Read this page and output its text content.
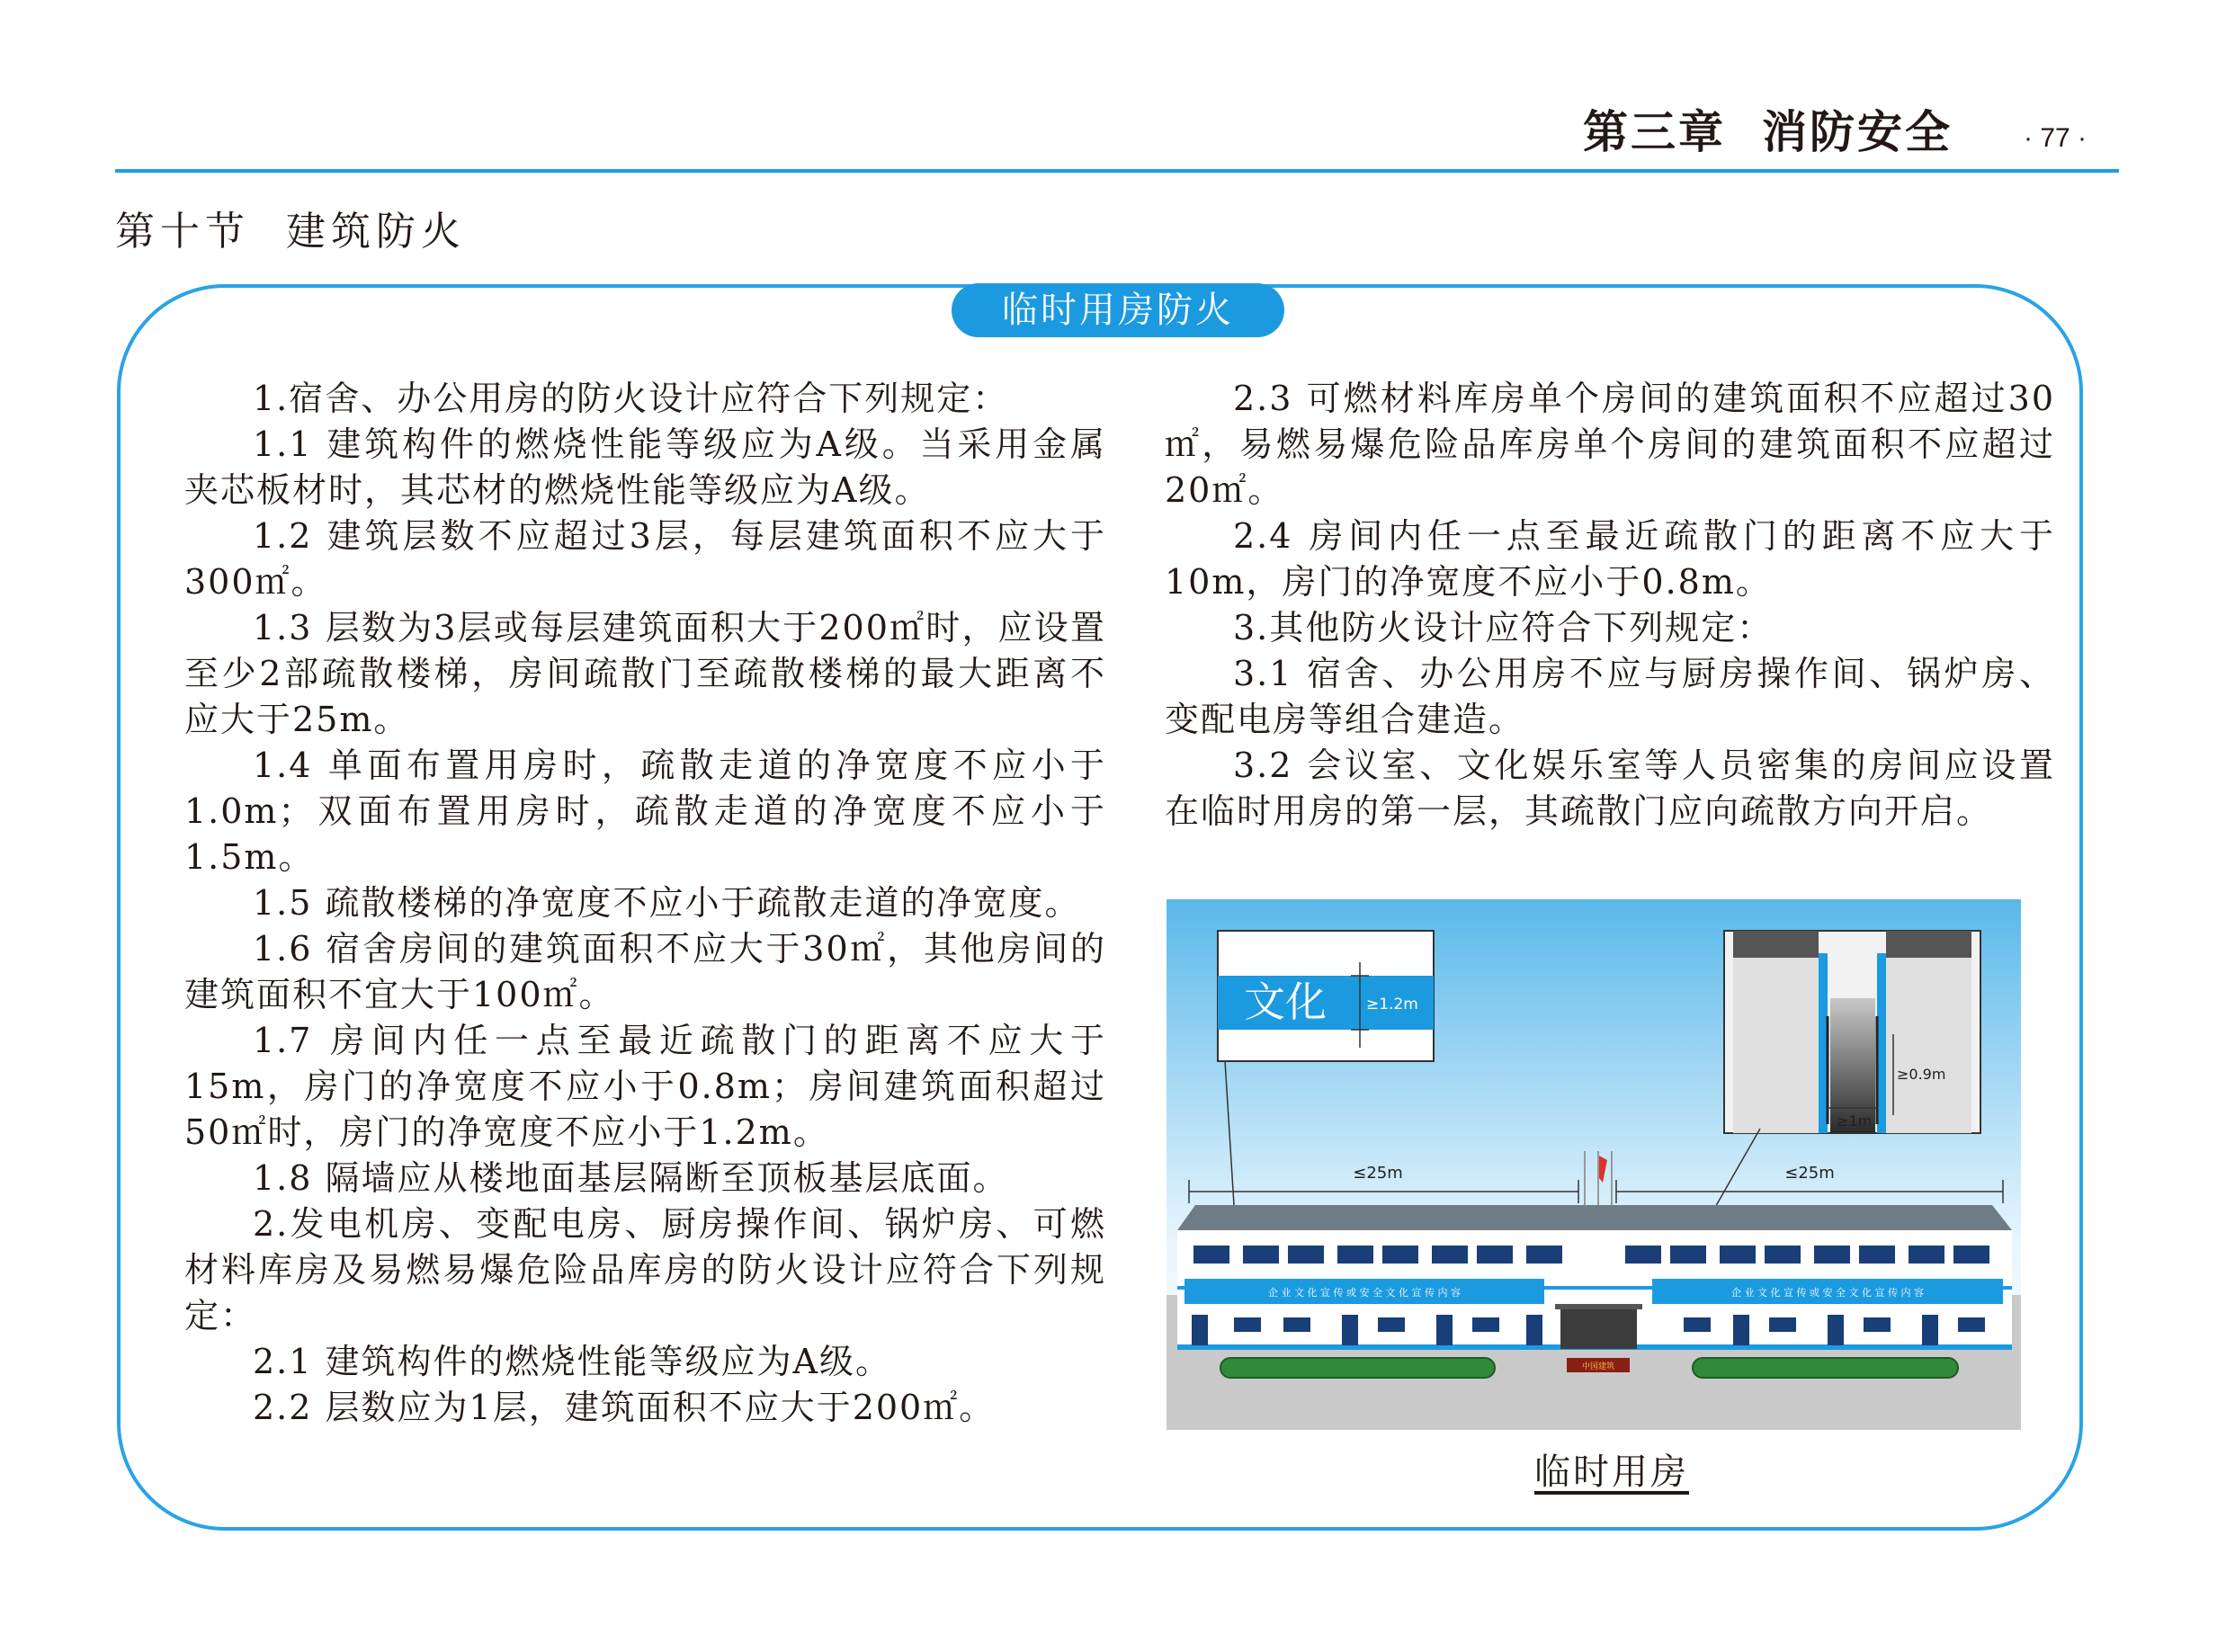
第三章 消防安全	· 77 ·
第十节 建筑防火
临时用房防火

1.宿舍、办公用房的防火设计应符合下列规定：

1.1 建筑构件的燃烧性能等级应为A级。当采用金属夹芯板材时，其芯材的燃烧性能等级应为A级。

1.2 建筑层数不应超过3层，每层建筑面积不应大于300㎡。

1.3 层数为3层或每层建筑面积大于200㎡时，应设置至少2部疏散楼梯，房间疏散门至疏散楼梯的最大距离不应大于25m。

1.4 单面布置用房时，疏散走道的净宽度不应小于1.0m；双面布置用房时，疏散走道的净宽度不应小于1.5m。

1.5 疏散楼梯的净宽度不应小于疏散走道的净宽度。

1.6 宿舍房间的建筑面积不应大于30㎡，其他房间的建筑面积不宜大于100㎡。

1.7 房间内任一点至最近疏散门的距离不应大于15m，房门的净宽度不应小于0.8m；房间建筑面积超过50㎡时，房门的净宽度不应小于1.2m。

1.8 隔墙应从楼地面基层隔断至顶板基层底面。

2.发电机房、变配电房、厨房操作间、锅炉房、可燃材料库房及易燃易爆危险品库房的防火设计应符合下列规定：

2.1 建筑构件的燃烧性能等级应为A级。

2.2 层数应为1层，建筑面积不应大于200㎡。

2.3 可燃材料库房单个房间的建筑面积不应超过30㎡，易燃易爆危险品库房单个房间的建筑面积不应超过20㎡。

2.4 房间内任一点至最近疏散门的距离不应大于10m，房门的净宽度不应小于0.8m。

3.其他防火设计应符合下列规定：

3.1 宿舍、办公用房不应与厨房操作间、锅炉房、变配电房等组合建造。

3.2 会议室、文化娱乐室等人员密集的房间应设置在临时用房的第一层，其疏散门应向疏散方向开启。

文化	≥1.2m
≥0.9m
≥1m
≤25m	≤25m
企 业 文 化 宣 传 或 安 全 文 化 宣 传 内 容	企 业 文 化 宣 传 或 安 全 文 化 宣 传 内 容
中国建筑
临时用房
